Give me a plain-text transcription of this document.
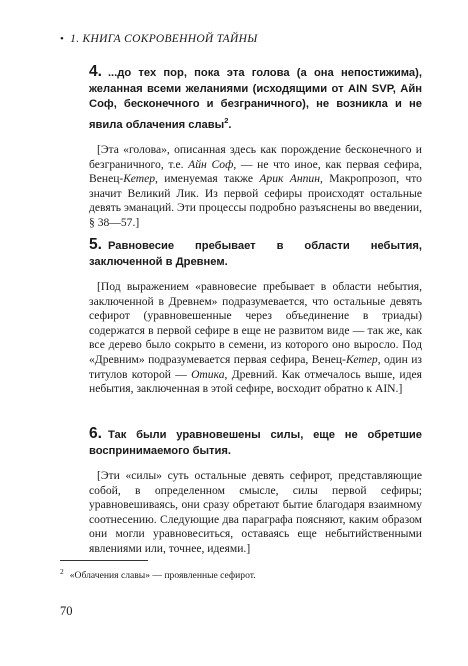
• 1. КНИГА СОКРОВЕННОЙ ТАЙНЫ
4. ...до тех пор, пока эта голова (а она непостижима), желанная всеми желаниями (исходящими от AIN SVP, Айн Соф, бесконечного и безграничного), не возникла и не явила облачения славы$^2$.
[Эта «голова», описанная здесь как порождение бесконечного и безграничного, т.е. Айн Соф, — не что иное, как первая сефира, Венец-Кетер, именуемая также Арик Анпин, Макропрозоп, что значит Великий Лик. Из первой сефиры происходят остальные девять эманаций. Эти процессы подробно разъяснены во введении, § 38—57.]
5. Равновесие пребывает в области небытия, заключенной в Древнем.
[Под выражением «равновесие пребывает в области небытия, заключенной в Древнем» подразумевается, что остальные девять сефирот (уравновешенные через объединение в триады) содержатся в первой сефире в еще не развитом виде — так же, как все дерево было сокрыто в семени, из которого оно выросло. Под «Древним» подразумевается первая сефира, Венец-Кетер, один из титулов которой — Отика, Древний. Как отмечалось выше, идея небытия, заключенная в этой сефире, восходит обратно к AIN.]
6. Так были уравновешены силы, еще не обретшие воспринимаемого бытия.
[Эти «силы» суть остальные девять сефирот, представляющие собой, в определенном смысле, силы первой сефиры; уравновешиваясь, они сразу обретают бытие благодаря взаимному соотнесению. Следующие два параграфа поясняют, каким образом они могли уравновеситься, оставаясь еще небытийственными явлениями или, точнее, идеями.]
$^2$ «Облачения славы» — проявленные сефирот.
70
